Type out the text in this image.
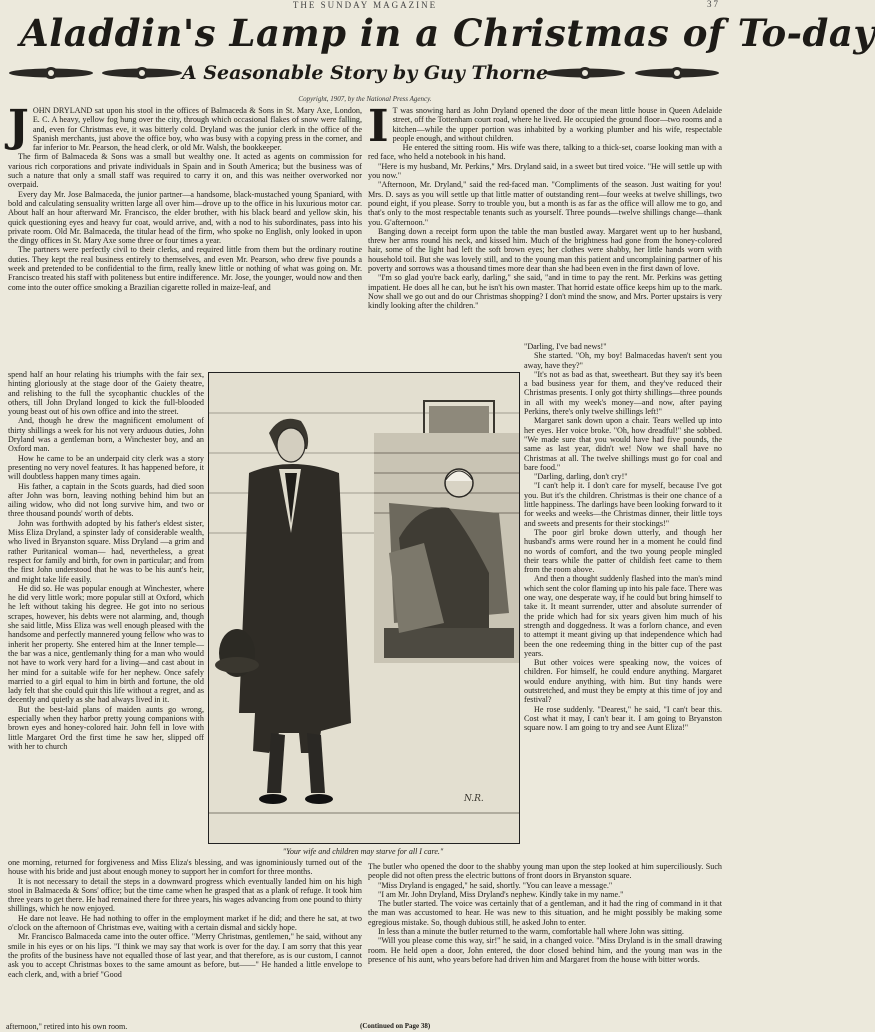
THE SUNDAY MAGAZINE	37
Aladdin's Lamp in a Christmas of To-day
A Seasonable Story by Guy Thorne
Copyright, 1907, by the National Press Agency.
J OHN DRYLAND sat upon his stool in the offices of Balmaceda & Sons in St. Mary Axe, London, E. C. A heavy, yellow fog hung over the city, through which occasional flakes of snow were falling, and, even for Christmas eve, it was bitterly cold. Dryland was the junior clerk in the office of the Spanish merchants, just above the office boy, who was busy with a copying press in the corner, and far inferior to Mr. Pearson, the head clerk, or old Mr. Walsh, the bookkeeper.

The firm of Balmaceda & Sons was a small but wealthy one. It acted as agents on commission for various rich corporations and private individuals in Spain and in South America; but the business was of such a nature that only a small staff was required to carry it on, and this was neither overworked nor overpaid.

Every day Mr. Jose Balmaceda, the junior partner—a handsome, black-mustached young Spaniard, with bold and calculating sensuality written large all over him—drove up to the office in his luxurious motor car. About half an hour afterward Mr. Francisco, the elder brother, with his black beard and yellow skin, his quick questioning eyes and heavy fur coat, would arrive, and, with a nod to his subordinates, pass into his private room. Old Mr. Balmaceda, the titular head of the firm, who spoke no English, only looked in upon the dingy offices in St. Mary Axe some three or four times a year.

The partners were perfectly civil to their clerks, and required little from them but the ordinary routine duties. They kept the real business entirely to themselves, and even Mr. Pearson, who drew five pounds a week and pretended to be confidential to the firm, really knew little or nothing of what was going on. Mr. Francisco treated his staff with politeness but entire indifference. Mr. Jose, the younger, would now and then come into the outer office smoking a Brazilian cigarette rolled in maize-leaf, and

spend half an hour relating his triumphs with the fair sex, hinting gloriously at the stage door of the Gaiety theatre, and relishing to the full the sycophantic chuckles of the others, till John Dryland longed to kick the full-blooded young beast out of his own office and into the street.

And, though he drew the magnificent emolument of thirty shillings a week for his not very arduous duties, John Dryland was a gentleman born, a Winchester boy, and an Oxford man.

How he came to be an underpaid city clerk was a story presenting no very novel features. It has happened before, it will doubtless happen many times again.

His father, a captain in the Scots guards, had died soon after John was born, leaving nothing behind him but an ailing widow, who did not long survive him, and two or three thousand pounds' worth of debts.

John was forthwith adopted by his father's eldest sister, Miss Eliza Dryland, a spinster lady of considerable wealth, who lived in Bryanston square. Miss Dryland —a grim and rather Puritanical woman— had, nevertheless, a great respect for family and birth, for own in particular; and from the first John understood that he was to be his aunt's heir, and might take life easily.

He did so. He was popular enough at Winchester, where he did very little work; more popular still at Oxford, which he left without taking his degree. He got into no serious scrapes, however, his debts were not alarming, and, though she said little, Miss Eliza was well enough pleased with the handsome and perfectly mannered young fellow who was to inherit her property. She entered him at the Inner temple—the bar was a nice, gentlemanly thing for a man who would not have to work very hard for a living—and cast about in her mind for a suitable wife for her nephew. Once safely married to a girl equal to him in birth and fortune, the old lady felt that she could quit this life without a regret, and as decently and quietly as she had always lived in it.

But the best-laid plans of maiden aunts go wrong, especially when they harbor pretty young companions with brown eyes and honey-colored hair. John fell in love with little Margaret Ord the first time he saw her, slipped off with her to church

one morning, returned for forgiveness and Miss Eliza's blessing, and was ignominiously turned out of the house with his bride and just about enough money to support her in comfort for three months.

It is not necessary to detail the steps in a downward progress which eventually landed him on his high stool in Balmaceda & Sons' office; but the time came when he grasped that as a plank of refuge. It took him three years to get there. He had remained there for three years, his wages advancing from one pound to thirty shillings, which he now enjoyed.

He dare not leave. He had nothing to offer in the employment market if he did; and there he sat, at two o'clock on the afternoon of Christmas eve, waiting with a certain dismal and sickly hope.

Mr. Francisco Balmaceda came into the outer office. "Merry Christmas, gentlemen," he said, without any smile in his eyes or on his lips. "I think we may say that work is over for the day. I am sorry that this year the profits of the business have not equalled those of last year, and that therefore, as is our custom, I cannot ask you to accept Christmas boxes to the same amount as before, but——" He handed a little envelope to each clerk, and, with a brief "Good

I T was snowing hard as John Dryland opened the door of the mean little house in Queen Adelaide street, off the Tottenham court road, where he lived. He occupied the ground floor—two rooms and a kitchen—while the upper portion was inhabited by a working plumber and his wife, respectable people enough, and without children.

He entered the sitting room. His wife was there, talking to a thick-set, coarse looking man with a red face, who held a notebook in his hand.

"Here is my husband, Mr. Perkins," Mrs. Dryland said, in a sweet but tired voice. "He will settle up with you now."

"Afternoon, Mr. Dryland," said the red-faced man. "Compliments of the season. Just waiting for you! Mrs. D. says as you will settle up that little matter of outstanding rent—four weeks at twelve shillings, two pound eight, if you please. Sorry to trouble you, but a month is as far as the office will allow me to go, and that's only to the most respectable tenants such as yourself. Three pounds—twelve shillings change—thank you. G'afternoon."

Banging down a receipt form upon the table the man bustled away. Margaret went up to her husband, threw her arms round his neck, and kissed him. Much of the brightness had gone from the honey-colored hair, some of the light had left the soft brown eyes; her clothes were shabby, her little hands worn with household toil. But she was lovely still, and to the young man this patient and uncomplaining partner of his poverty and sorrows was a thousand times more dear than she had been even in the first dawn of love.

"I'm so glad you're back early, darling," she said, "and in time to pay the rent. Mr. Perkins was getting impatient. He does all he can, but he isn't his own master. That horrid estate office keeps him up to the mark. Now shall we go out and do our Christmas shopping? I don't mind the snow, and Mrs. Porter upstairs is very kindly looking after the children."

"Darling, I've bad news!"

She started. "Oh, my boy! Balmacedas haven't sent you away, have they?"

"It's not as bad as that, sweetheart. But they say it's been a bad business year for them, and they've reduced their Christmas presents. I only got thirty shillings—three pounds in all with my week's money—and now, after paying Perkins, there's only twelve shillings left!"

Margaret sank down upon a chair. Tears welled up into her eyes. Her voice broke. "Oh, how dreadful!" she sobbed. "We made sure that you would have had five pounds, the same as last year, didn't we! Now we shall have no Christmas at all. The twelve shillings must go for coal and bare food."

"Darling, darling, don't cry!"

"I can't help it. I don't care for myself, because I've got you. But it's the children. Christmas is their one chance of a little happiness. The darlings have been looking forward to it for weeks and weeks—the Christmas dinner, their little toys and sweets and presents for their stockings!"

The poor girl broke down utterly, and though her husband's arms were round her in a moment he could find no words of comfort, and the two young people mingled their tears while the patter of childish feet came to them from the room above.

And then a thought suddenly flashed into the man's mind which sent the color flaming up into his pale face. There was one way, one desperate way, if he could but bring himself to take it. It meant surrender, utter and absolute surrender of the pride which had for six years given him much of his strength and doggedness. It was a forlorn chance, and even to attempt it meant giving up that independence which had been the one redeeming thing in the bitter cup of the past years.

But other voices were speaking now, the voices of children. For himself, he could endure anything. Margaret would endure anything, with him. But tiny hands were outstretched, and must they be empty at this time of joy and festival?

He rose suddenly. "Dearest," he said, "I can't bear this. Cost what it may, I can't bear it. I am going to Bryanston square now. I am going to try and see Aunt Eliza!"

The butler who opened the door to the shabby young man upon the step looked at him superciliously. Such people did not often press the electric buttons of front doors in Bryanston square.

"Miss Dryland is engaged," he said, shortly. "You can leave a message."

"I am Mr. John Dryland, Miss Dryland's nephew. Kindly take in my name."

The butler started. The voice was certainly that of a gentleman, and it had the ring of command in it that the man was accustomed to hear. He was new to this situation, and he might possibly be making some egregious mistake. So, though dubious still, he asked John to enter.

In less than a minute the butler returned to the warm, comfortable hall where John was sitting.

"Will you please come this way, sir!" he said, in a changed voice. "Miss Dryland is in the small drawing room. He held open a door, John entered, the door closed behind him, and the young man was in the presence of his aunt, who years before had driven him and Margaret from the house with bitter words.

N.R.
"Your wife and children may starve for all I care."
(Continued on Page 38)
afternoon," retired into his own room.
